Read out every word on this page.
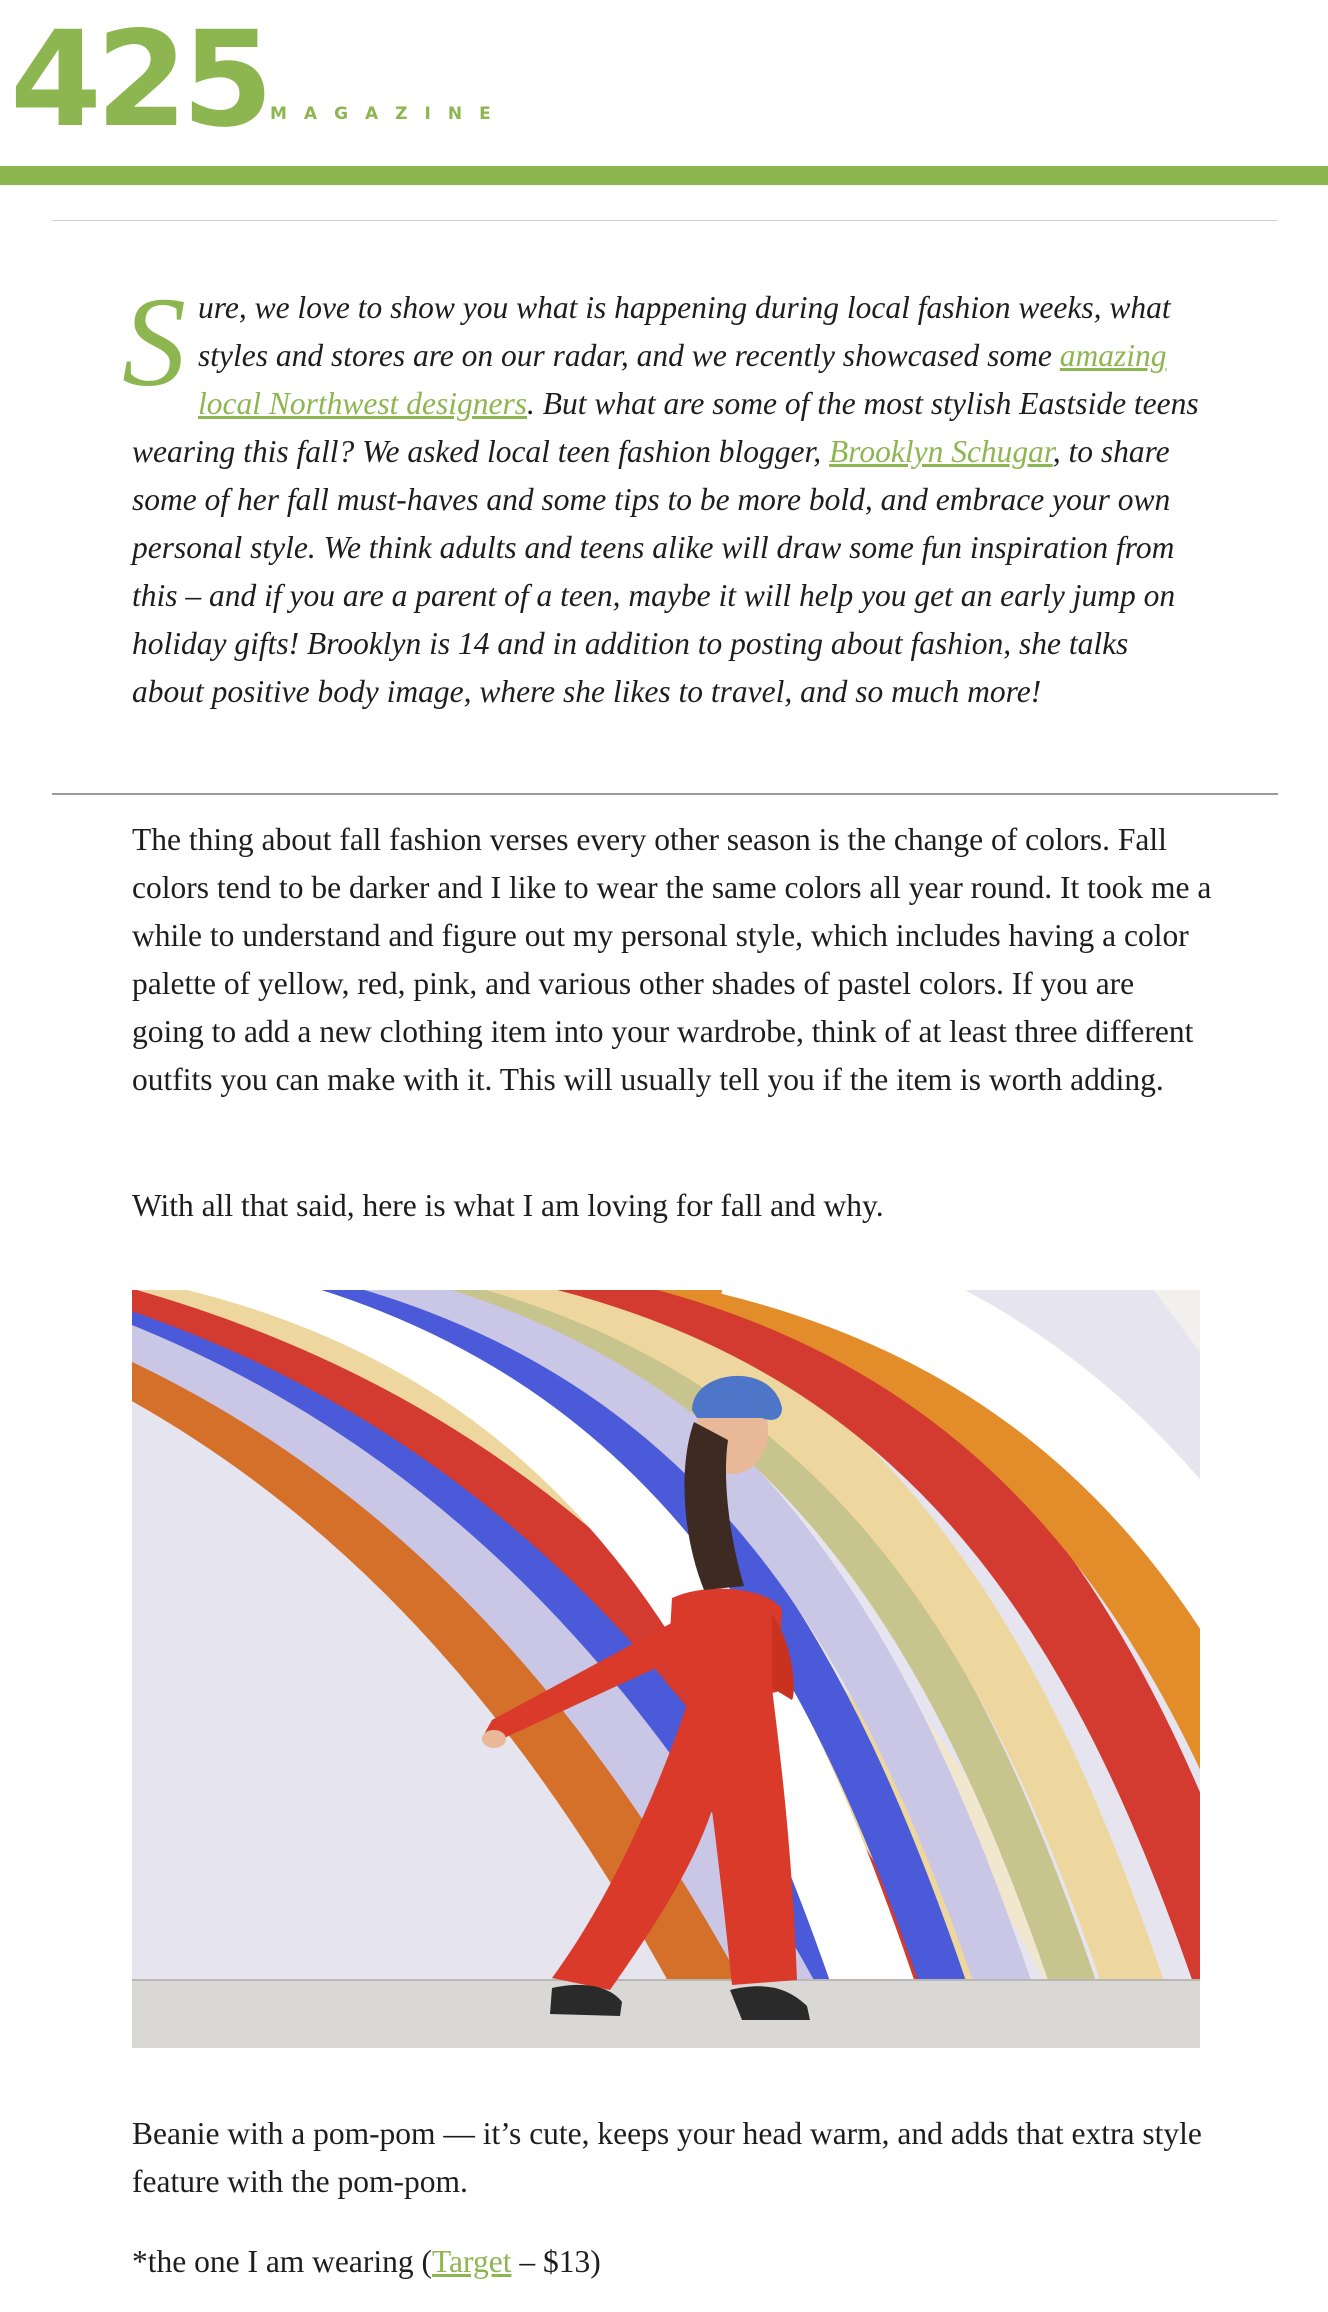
425 MAGAZINE

Sure, we love to show you what is happening during local fashion weeks, what styles and stores are on our radar, and we recently showcased some amazing local Northwest designers. But what are some of the most stylish Eastside teens wearing this fall? We asked local teen fashion blogger, Brooklyn Schugar, to share some of her fall must-haves and some tips to be more bold, and embrace your own personal style. We think adults and teens alike will draw some fun inspiration from this – and if you are a parent of a teen, maybe it will help you get an early jump on holiday gifts! Brooklyn is 14 and in addition to posting about fashion, she talks about positive body image, where she likes to travel, and so much more!

The thing about fall fashion verses every other season is the change of colors. Fall colors tend to be darker and I like to wear the same colors all year round. It took me a while to understand and figure out my personal style, which includes having a color palette of yellow, red, pink, and various other shades of pastel colors. If you are going to add a new clothing item into your wardrobe, think of at least three different outfits you can make with it. This will usually tell you if the item is worth adding.

With all that said, here is what I am loving for fall and why.

Beanie with a pom-pom — it’s cute, keeps your head warm, and adds that extra style feature with the pom-pom.

*the one I am wearing (Target – $13)
